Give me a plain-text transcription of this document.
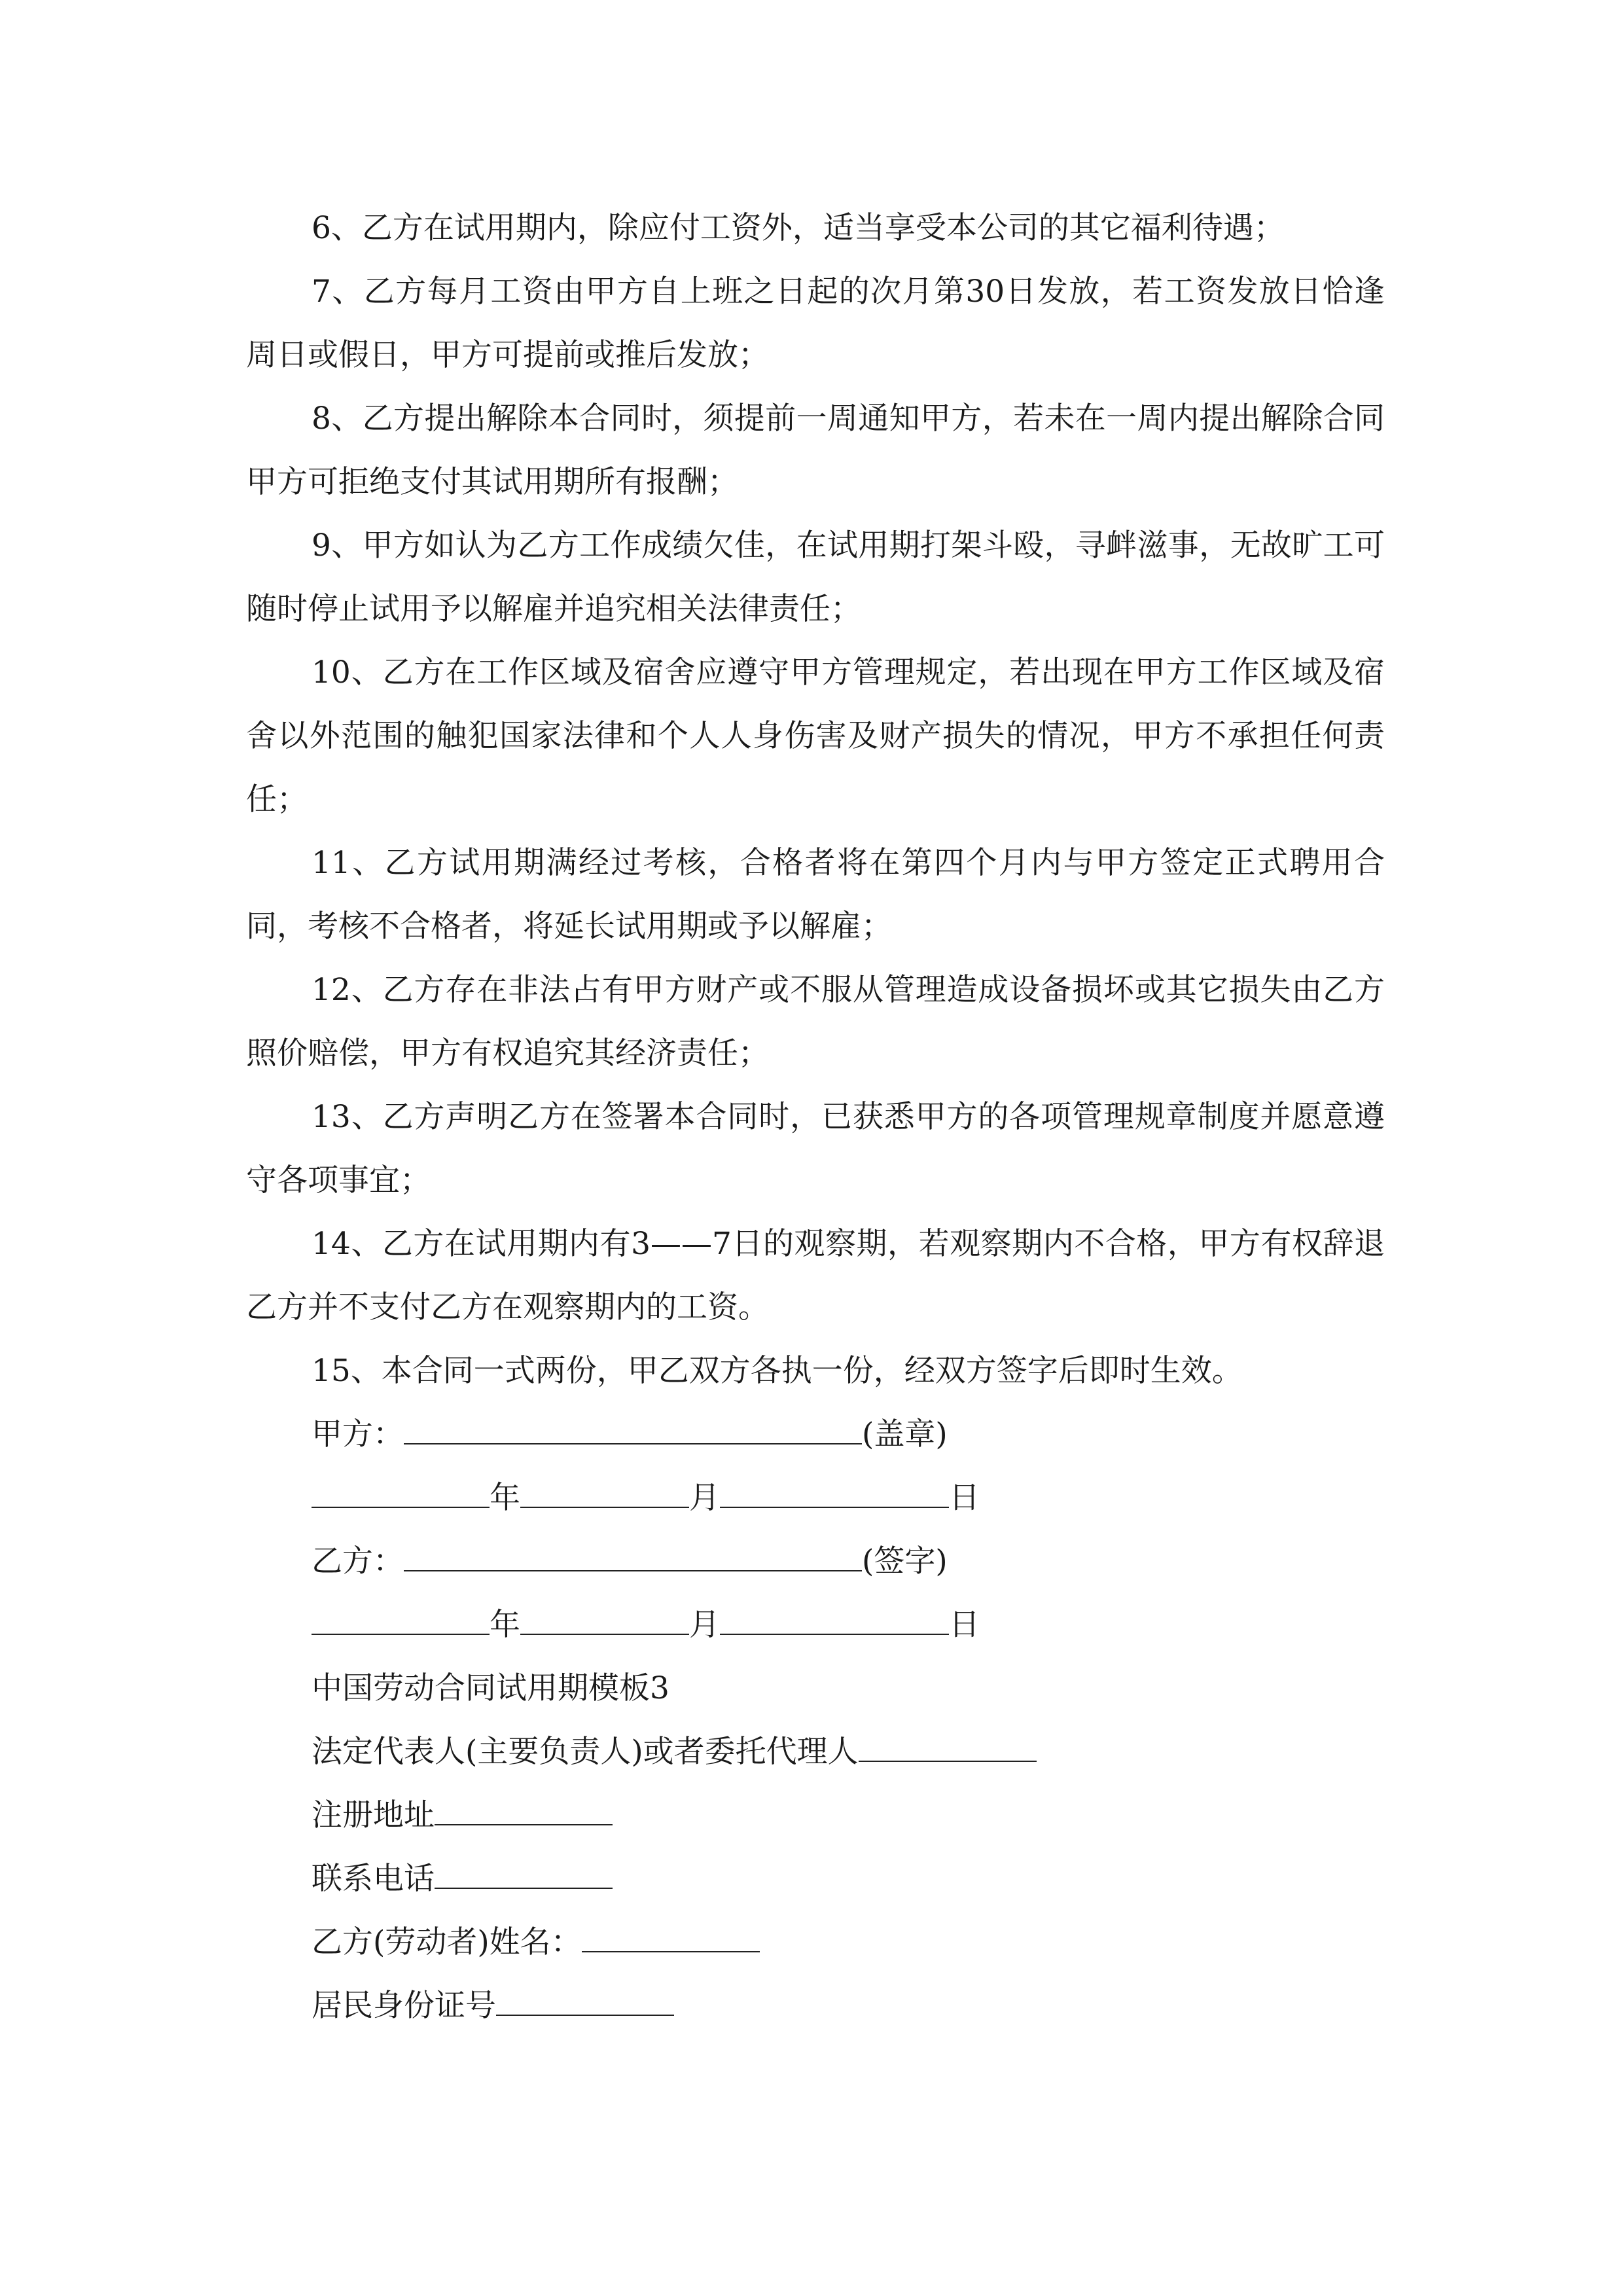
6、乙方在试用期内，除应付工资外，适当享受本公司的其它福利待遇；

7、乙方每月工资由甲方自上班之日起的次月第30日发放，若工资发放日恰逢周日或假日，甲方可提前或推后发放；

8、乙方提出解除本合同时，须提前一周通知甲方，若未在一周内提出解除合同甲方可拒绝支付其试用期所有报酬；

9、甲方如认为乙方工作成绩欠佳，在试用期打架斗殴，寻衅滋事，无故旷工可随时停止试用予以解雇并追究相关法律责任；

10、乙方在工作区域及宿舍应遵守甲方管理规定，若出现在甲方工作区域及宿舍以外范围的触犯国家法律和个人人身伤害及财产损失的情况，甲方不承担任何责任；

11、乙方试用期满经过考核，合格者将在第四个月内与甲方签定正式聘用合同，考核不合格者，将延长试用期或予以解雇；

12、乙方存在非法占有甲方财产或不服从管理造成设备损坏或其它损失由乙方照价赔偿，甲方有权追究其经济责任；

13、乙方声明乙方在签署本合同时，已获悉甲方的各项管理规章制度并愿意遵守各项事宜；

14、乙方在试用期内有3——7日的观察期，若观察期内不合格，甲方有权辞退乙方并不支付乙方在观察期内的工资。

15、本合同一式两份，甲乙双方各执一份，经双方签字后即时生效。

甲方：	(盖章)

年	月	日

乙方：	(签字)

年	月	日

中国劳动合同试用期模板3

法定代表人(主要负责人)或者委托代理人

注册地址

联系电话

乙方(劳动者)姓名：

居民身份证号
